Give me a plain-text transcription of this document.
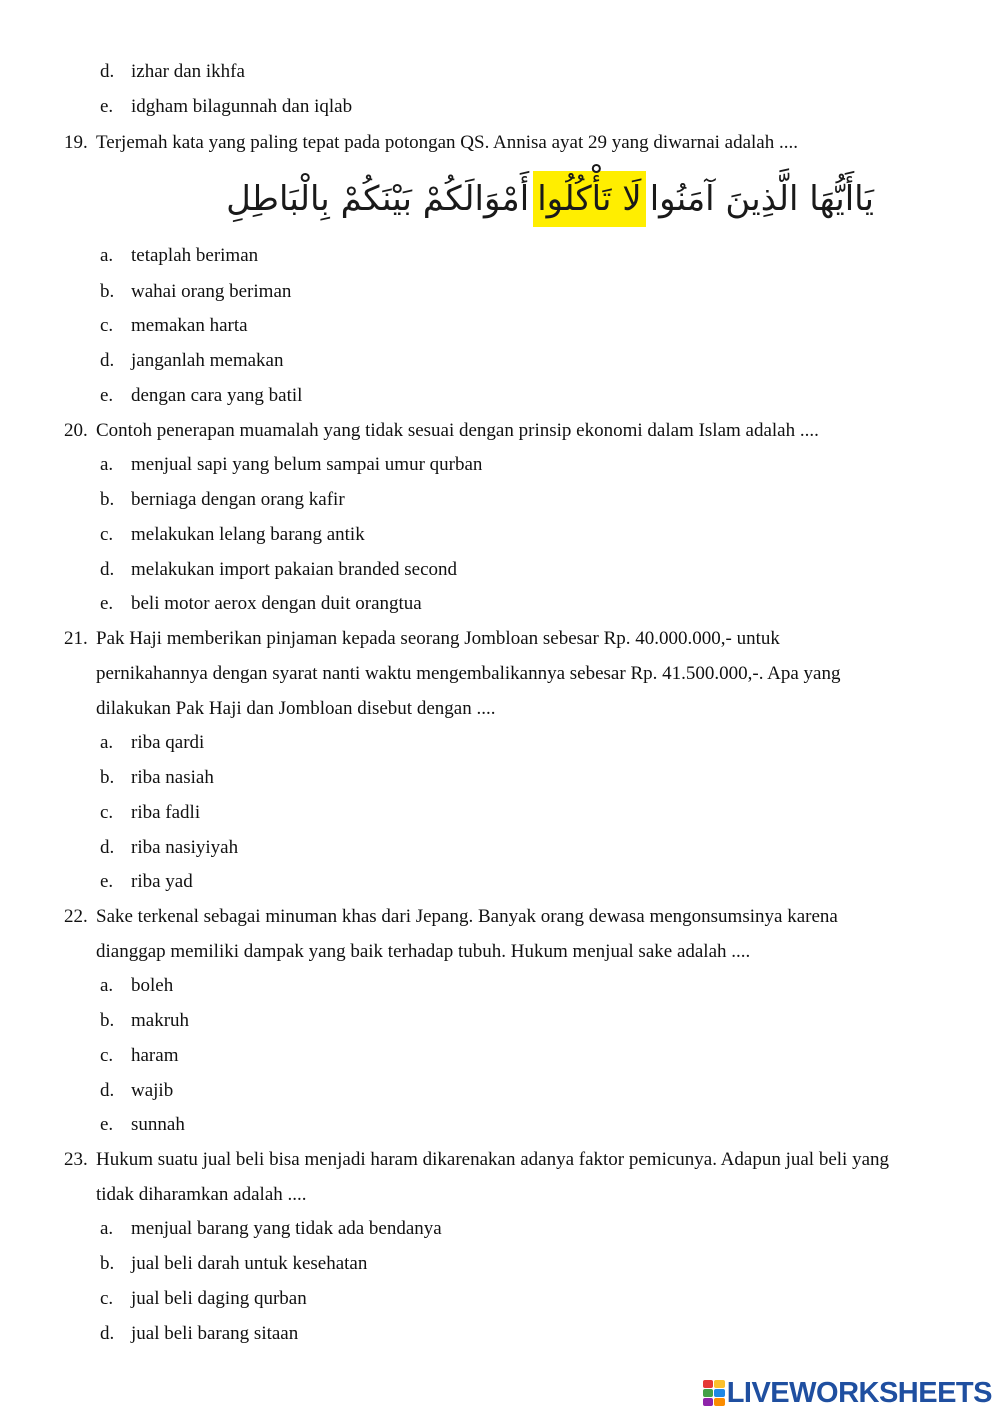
d. izhar dan ikhfa
e. idgham bilagunnah dan iqlab
19. Terjemah kata yang paling tepat pada potongan QS. Annisa ayat 29 yang diwarnai adalah ....
a. tetaplah beriman
b. wahai orang beriman
c. memakan harta
d. janganlah memakan
e. dengan cara yang batil
20. Contoh penerapan muamalah yang tidak sesuai dengan prinsip ekonomi dalam Islam adalah ....
a. menjual sapi yang belum sampai umur qurban
b. berniaga dengan orang kafir
c. melakukan lelang barang antik
d. melakukan import pakaian branded second
e. beli motor aerox dengan duit orangtua
21. Pak Haji memberikan pinjaman kepada seorang Jombloan sebesar Rp. 40.000.000,- untuk
pernikahannya dengan syarat nanti waktu mengembalikannya sebesar Rp. 41.500.000,-. Apa yang
dilakukan Pak Haji dan Jombloan disebut dengan ....
a. riba qardi
b. riba nasiah
c. riba fadli
d. riba nasiyiyah
e. riba yad
22. Sake terkenal sebagai minuman khas dari Jepang. Banyak orang dewasa mengonsumsinya karena
dianggap memiliki dampak yang baik terhadap tubuh. Hukum menjual sake adalah ....
a. boleh
b. makruh
c. haram
d. wajib
e. sunnah
23. Hukum suatu jual beli bisa menjadi haram dikarenakan adanya faktor pemicunya. Adapun jual beli yang
tidak diharamkan adalah ....
a. menjual barang yang tidak ada bendanya
b. jual beli darah untuk kesehatan
c. jual beli daging qurban
d. jual beli barang sitaan
يَاأَيُّهَا الَّذِينَ آمَنُوا
لَا تَأْكُلُوا
أَمْوَالَكُمْ بَيْنَكُمْ بِالْبَاطِلِ
LIVEWORKSHEETS
